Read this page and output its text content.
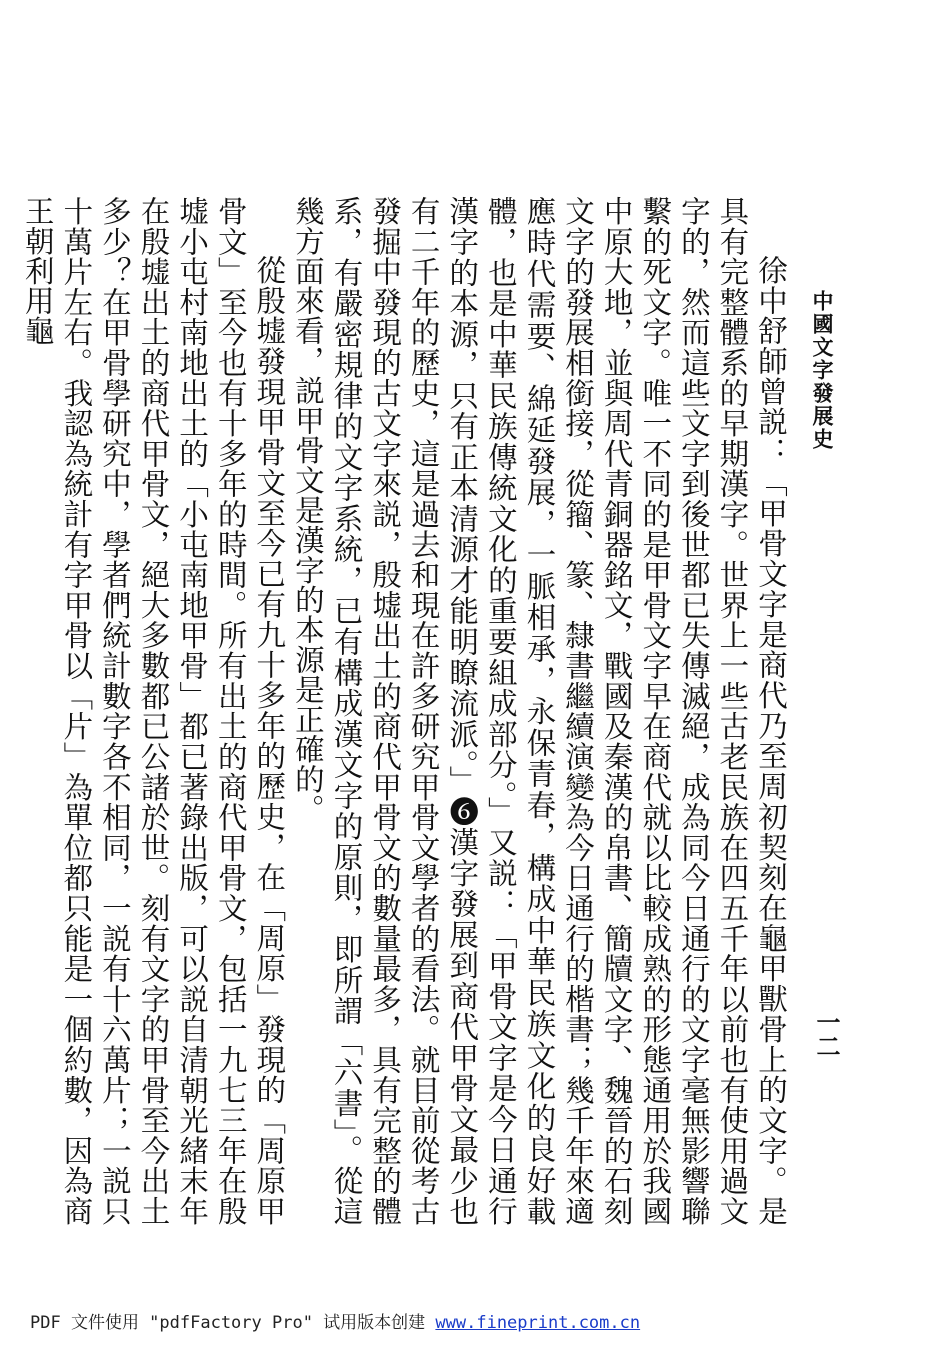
中國文字發展史
一二

徐中舒師曾説：「甲骨文字是商代乃至周初契刻在龜甲獸骨上的文字。是具有完整體系的早期漢字。世界上一些古老民族在四五千年以前也有使用過文字的，然而這些文字到後世都已失傳滅絕，成為同今日通行的文字毫無影響聯繫的死文字。唯一不同的是甲骨文字早在商代就以比較成熟的形態通用於我國中原大地，並與周代青銅器銘文，戰國及秦漢的帛書、簡牘文字、魏晉的石刻文字的發展相銜接，從籀、篆、隸書繼續演變為今日通行的楷書；幾千年來適應時代需要、綿延發展，一脈相承，永保青春，構成中華民族文化的良好載體，也是中華民族傳統文化的重要組成部分。」又説：「甲骨文字是今日通行漢字的本源，只有正本清源才能明瞭流派。」❻漢字發展到商代甲骨文最少也有二千年的歷史，這是過去和現在許多研究甲骨文學者的看法。就目前從考古發掘中發現的古文字來説，殷墟出土的商代甲骨文的數量最多，具有完整的體系，有嚴密規律的文字系統，已有構成漢文字的原則，即所謂「六書」。從這幾方面來看，説甲骨文是漢字的本源是正確的。

從殷墟發現甲骨文至今已有九十多年的歷史，在「周原」發現的「周原甲骨文」至今也有十多年的時間。所有出土的商代甲骨文，包括一九七三年在殷墟小屯村南地出土的「小屯南地甲骨」都已著錄出版，可以説自清朝光緒末年在殷墟出土的商代甲骨文，絕大多數都已公諸於世。刻有文字的甲骨至今出土多少？在甲骨學研究中，學者們統計數字各不相同，一説有十六萬片；一説只十萬片左右。我認為統計有字甲骨以「片」為單位都只能是一個約數，因為商王朝利用龜

PDF 文件使用 "pdfFactory Pro" 试用版本创建 www.fineprint.com.cn
